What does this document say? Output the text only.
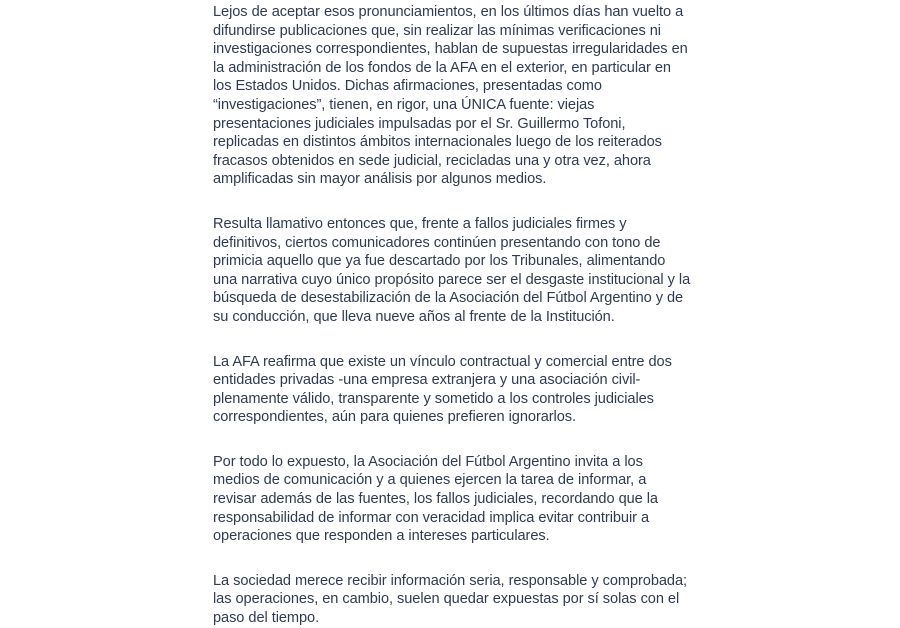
Lejos de aceptar esos pronunciamientos, en los últimos días han vuelto a difundirse publicaciones que, sin realizar las mínimas verificaciones ni investigaciones correspondientes, hablan de supuestas irregularidades en la administración de los fondos de la AFA en el exterior, en particular en los Estados Unidos. Dichas afirmaciones, presentadas como “investigaciones”, tienen, en rigor, una ÚNICA fuente: viejas presentaciones judiciales impulsadas por el Sr. Guillermo Tofoni, replicadas en distintos ámbitos internacionales luego de los reiterados fracasos obtenidos en sede judicial, recicladas una y otra vez, ahora amplificadas sin mayor análisis por algunos medios.

Resulta llamativo entonces que, frente a fallos judiciales firmes y definitivos, ciertos comunicadores continúen presentando con tono de primicia aquello que ya fue descartado por los Tribunales, alimentando una narrativa cuyo único propósito parece ser el desgaste institucional y la búsqueda de desestabilización de la Asociación del Fútbol Argentino y de su conducción, que lleva nueve años al frente de la Institución.

La AFA reafirma que existe un vínculo contractual y comercial entre dos entidades privadas -una empresa extranjera y una asociación civil- plenamente válido, transparente y sometido a los controles judiciales correspondientes, aún para quienes prefieren ignorarlos.

Por todo lo expuesto, la Asociación del Fútbol Argentino invita a los medios de comunicación y a quienes ejercen la tarea de informar, a revisar además de las fuentes, los fallos judiciales, recordando que la responsabilidad de informar con veracidad implica evitar contribuir a operaciones que responden a intereses particulares.

La sociedad merece recibir información seria, responsable y comprobada; las operaciones, en cambio, suelen quedar expuestas por sí solas con el paso del tiempo.
